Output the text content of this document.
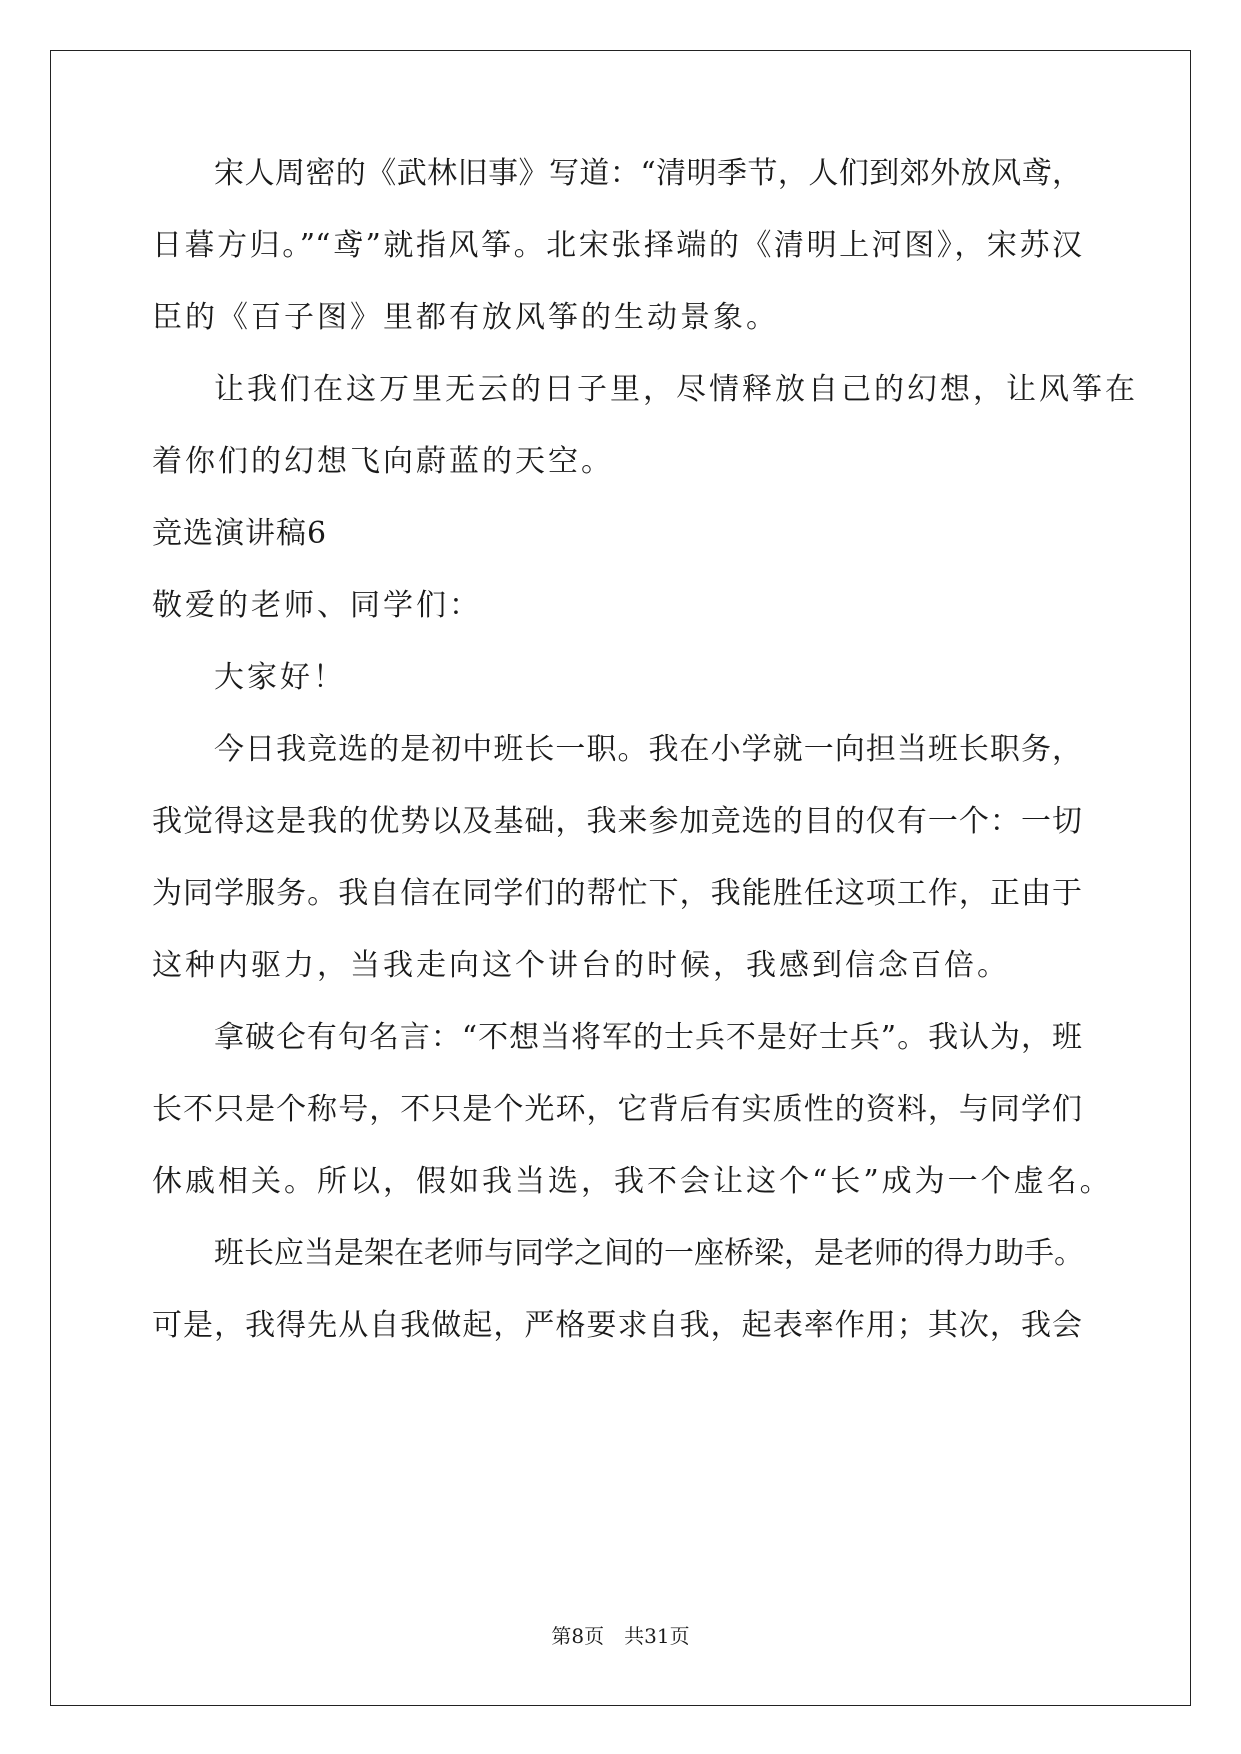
宋人周密的《武林旧事》写道：“清明季节，人们到郊外放风鸢，
日暮方归。”“鸢”就指风筝。北宋张择端的《清明上河图》，宋苏汉
臣的《百子图》里都有放风筝的生动景象。
让我们在这万里无云的日子里，尽情释放自己的幻想，让风筝在
着你们的幻想飞向蔚蓝的天空。
竞选演讲稿6
敬爱的老师、同学们：
大家好！
今日我竞选的是初中班长一职。我在小学就一向担当班长职务，
我觉得这是我的优势以及基础，我来参加竞选的目的仅有一个：一切
为同学服务。我自信在同学们的帮忙下，我能胜任这项工作，正由于
这种内驱力，当我走向这个讲台的时候，我感到信念百倍。
拿破仑有句名言：“不想当将军的士兵不是好士兵”。我认为，班
长不只是个称号，不只是个光环，它背后有实质性的资料，与同学们
休戚相关。所以，假如我当选，我不会让这个“长”成为一个虚名。
班长应当是架在老师与同学之间的一座桥梁，是老师的得力助手。
可是，我得先从自我做起，严格要求自我，起表率作用；其次，我会
第8页　共31页
